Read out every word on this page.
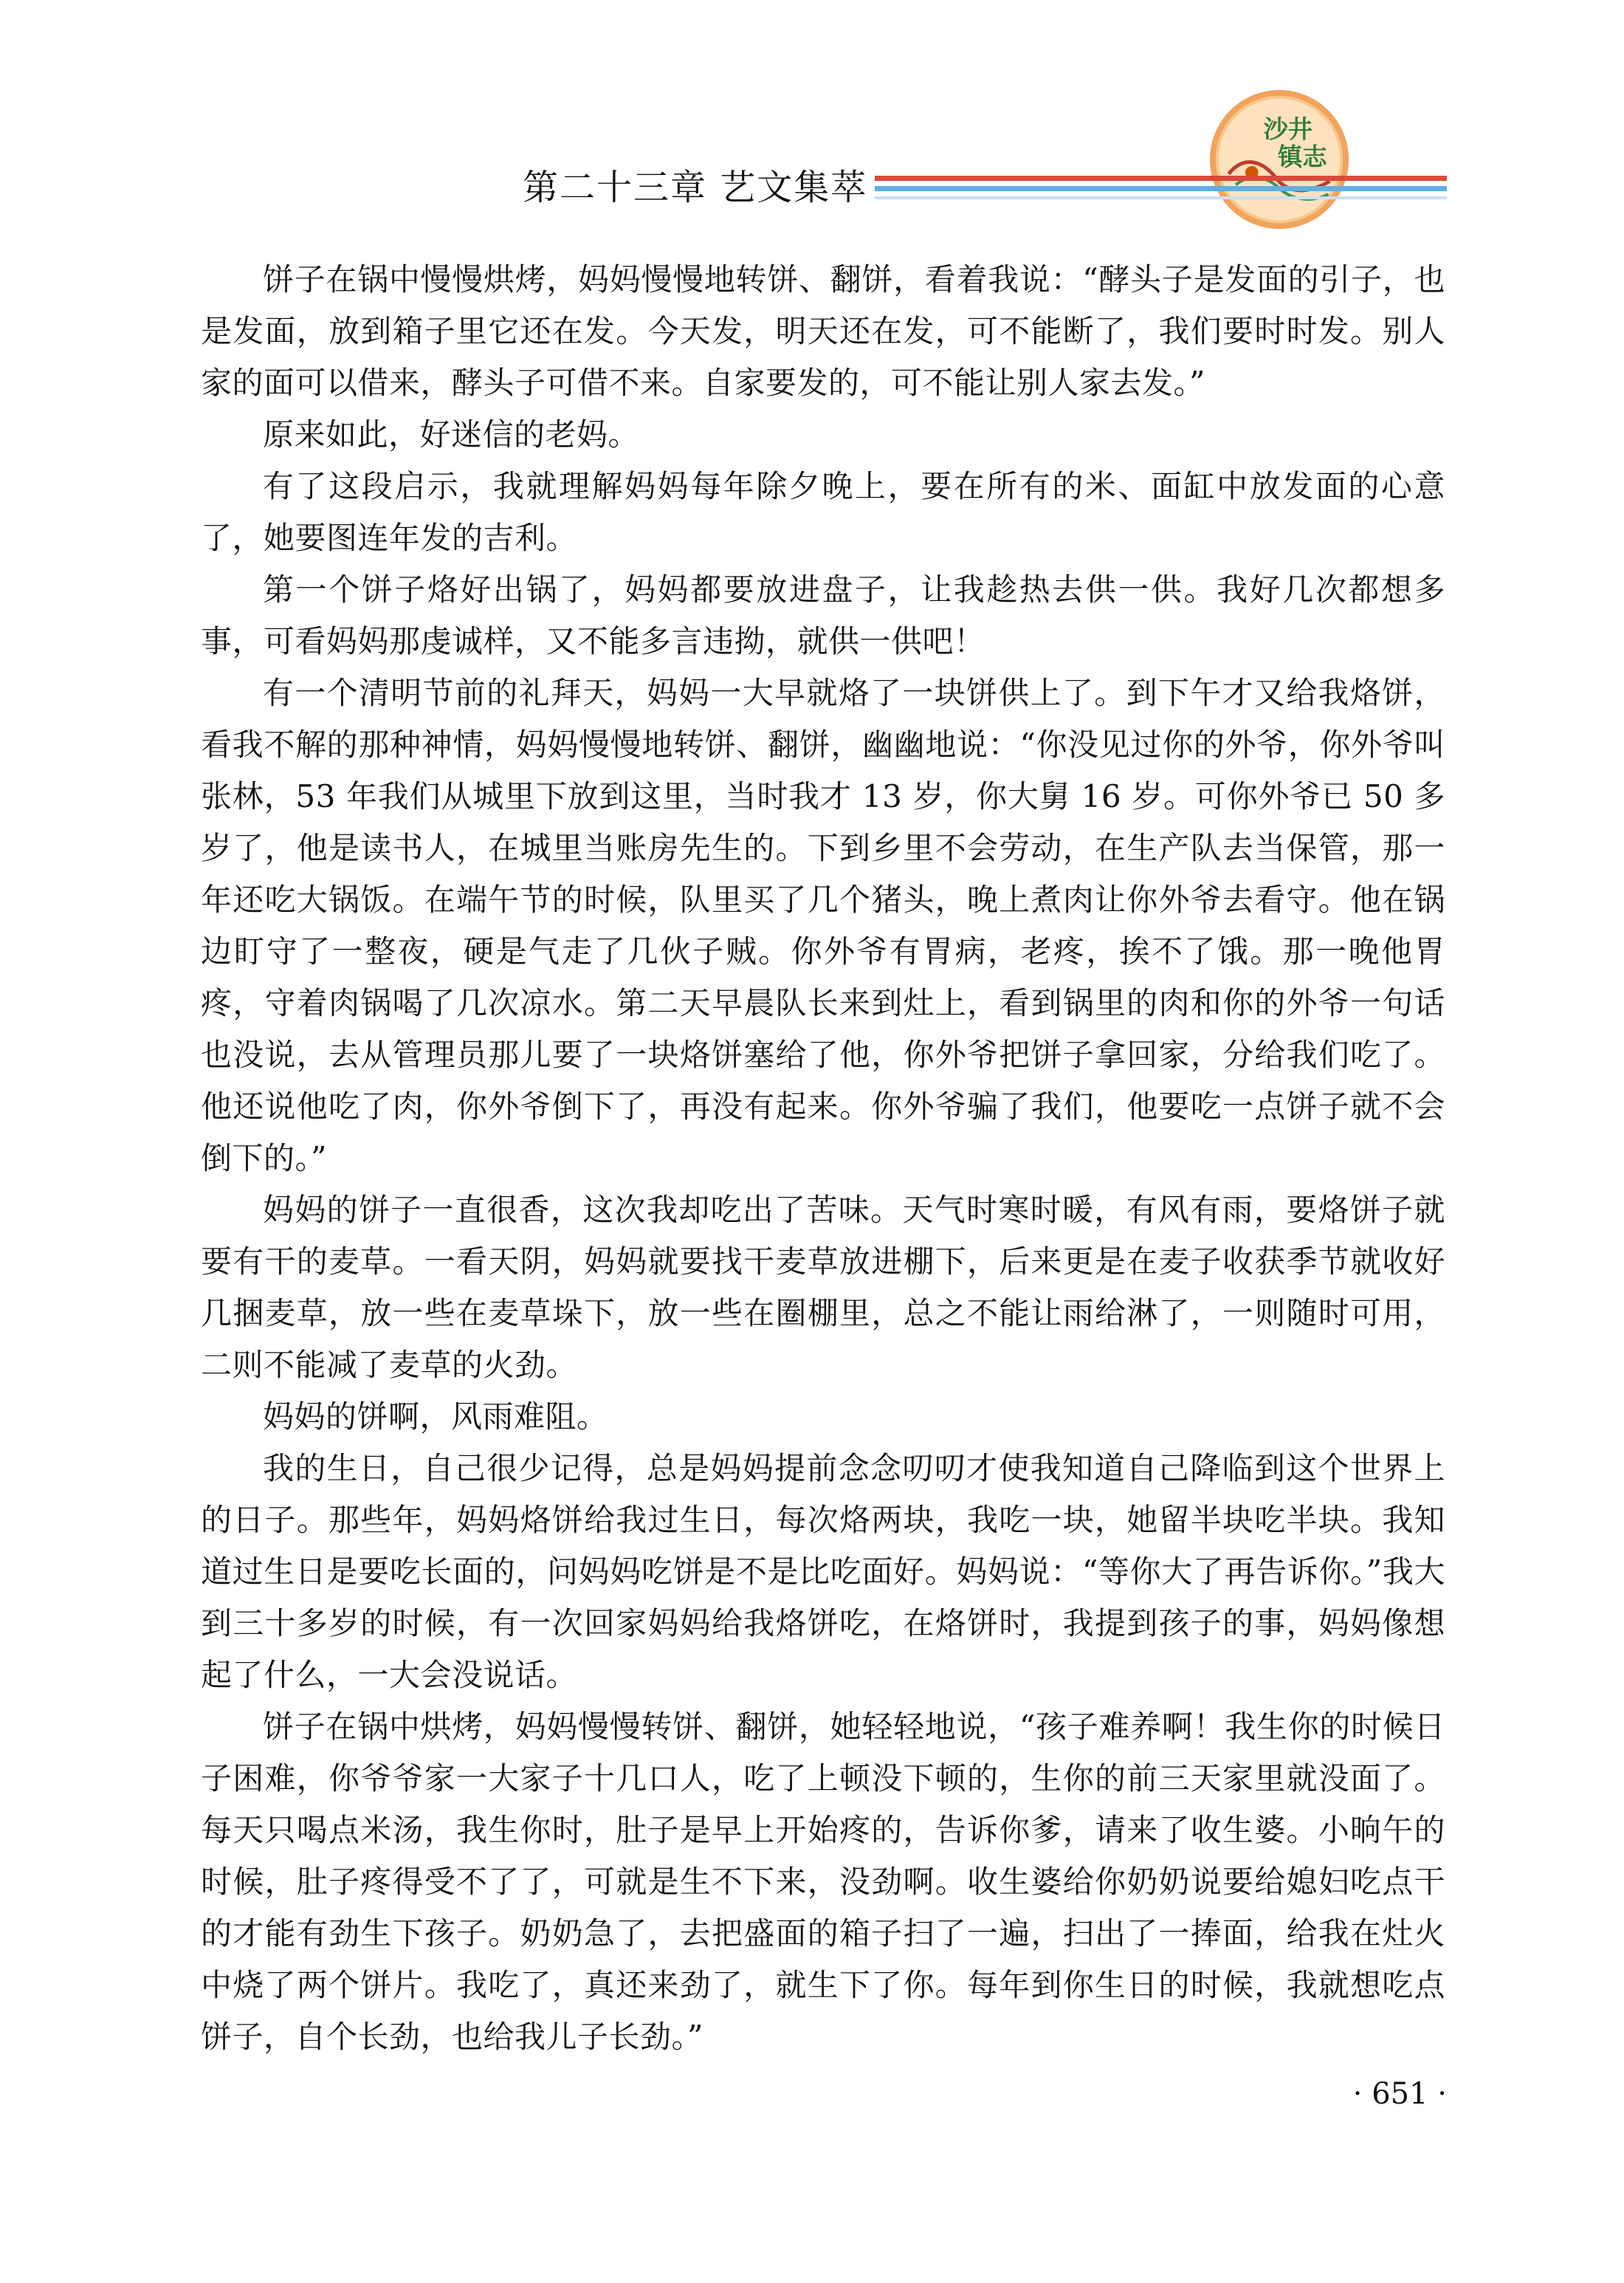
沙井
镇志
第二十三章 艺文集萃

饼子在锅中慢慢烘烤，妈妈慢慢地转饼、翻饼，看着我说：“酵头子是发面的引子，也是发面，放到箱子里它还在发。今天发，明天还在发，可不能断了，我们要时时发。别人家的面可以借来，酵头子可借不来。自家要发的，可不能让别人家去发。”

原来如此，好迷信的老妈。

有了这段启示，我就理解妈妈每年除夕晚上，要在所有的米、面缸中放发面的心意了，她要图连年发的吉利。

第一个饼子烙好出锅了，妈妈都要放进盘子，让我趁热去供一供。我好几次都想多事，可看妈妈那虔诚样，又不能多言违拗，就供一供吧！

有一个清明节前的礼拜天，妈妈一大早就烙了一块饼供上了。到下午才又给我烙饼，看我不解的那种神情，妈妈慢慢地转饼、翻饼，幽幽地说：“你没见过你的外爷，你外爷叫张林，53 年我们从城里下放到这里，当时我才 13 岁，你大舅 16 岁。可你外爷已 50 多岁了，他是读书人，在城里当账房先生的。下到乡里不会劳动，在生产队去当保管，那一年还吃大锅饭。在端午节的时候，队里买了几个猪头，晚上煮肉让你外爷去看守。他在锅边盯守了一整夜，硬是气走了几伙子贼。你外爷有胃病，老疼，挨不了饿。那一晚他胃疼，守着肉锅喝了几次凉水。第二天早晨队长来到灶上，看到锅里的肉和你的外爷一句话也没说，去从管理员那儿要了一块烙饼塞给了他，你外爷把饼子拿回家，分给我们吃了。他还说他吃了肉，你外爷倒下了，再没有起来。你外爷骗了我们，他要吃一点饼子就不会倒下的。”

妈妈的饼子一直很香，这次我却吃出了苦味。天气时寒时暖，有风有雨，要烙饼子就要有干的麦草。一看天阴，妈妈就要找干麦草放进棚下，后来更是在麦子收获季节就收好几捆麦草，放一些在麦草垛下，放一些在圈棚里，总之不能让雨给淋了，一则随时可用，二则不能减了麦草的火劲。

妈妈的饼啊，风雨难阻。

我的生日，自己很少记得，总是妈妈提前念念叨叨才使我知道自己降临到这个世界上的日子。那些年，妈妈烙饼给我过生日，每次烙两块，我吃一块，她留半块吃半块。我知道过生日是要吃长面的，问妈妈吃饼是不是比吃面好。妈妈说：“等你大了再告诉你。”我大到三十多岁的时候，有一次回家妈妈给我烙饼吃，在烙饼时，我提到孩子的事，妈妈像想起了什么，一大会没说话。

饼子在锅中烘烤，妈妈慢慢转饼、翻饼，她轻轻地说，“孩子难养啊！我生你的时候日子困难，你爷爷家一大家子十几口人，吃了上顿没下顿的，生你的前三天家里就没面了。每天只喝点米汤，我生你时，肚子是早上开始疼的，告诉你爹，请来了收生婆。小晌午的时候，肚子疼得受不了了，可就是生不下来，没劲啊。收生婆给你奶奶说要给媳妇吃点干的才能有劲生下孩子。奶奶急了，去把盛面的箱子扫了一遍，扫出了一捧面，给我在灶火中烧了两个饼片。我吃了，真还来劲了，就生下了你。每年到你生日的时候，我就想吃点饼子，自个长劲，也给我儿子长劲。”

· 651 ·
